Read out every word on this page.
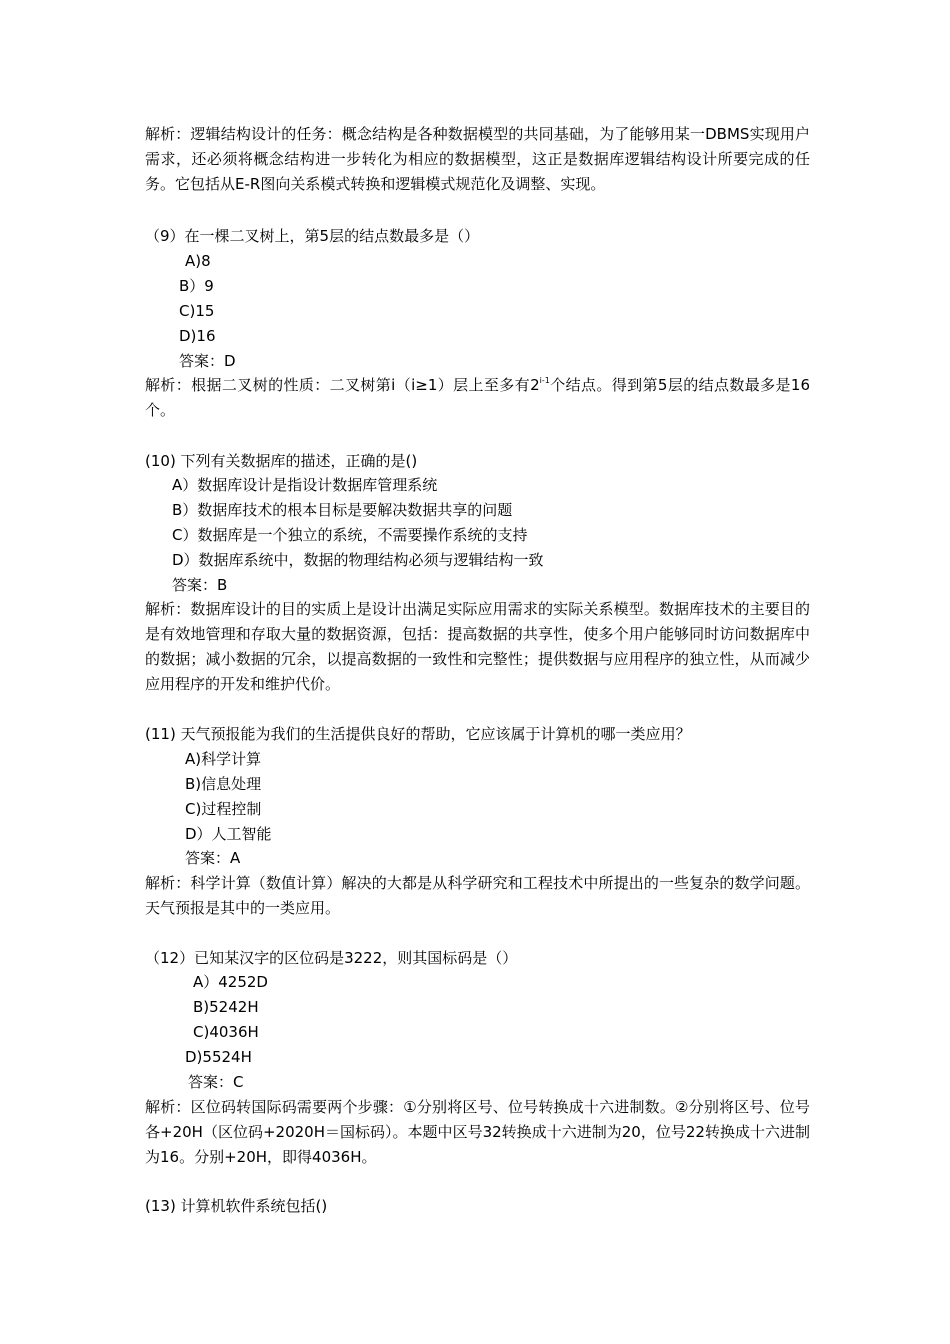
解析：逻辑结构设计的任务：概念结构是各种数据模型的共同基础，为了能够用某一DBMS实现用户需求，还必须将概念结构进一步转化为相应的数据模型，这正是数据库逻辑结构设计所要完成的任务。它包括从E-R图向关系模式转换和逻辑模式规范化及调整、实现。
（9）在一棵二叉树上，第5层的结点数最多是（）
A)8
B）9
C)15
D)16
答案：D
解析：根据二叉树的性质：二叉树第i（i≥1）层上至多有2$^{i-1}$个结点。得到第5层的结点数最多是16个。
(10) 下列有关数据库的描述，正确的是()
A）数据库设计是指设计数据库管理系统
B）数据库技术的根本目标是要解决数据共享的问题
C）数据库是一个独立的系统，不需要操作系统的支持
D）数据库系统中，数据的物理结构必须与逻辑结构一致
答案：B
解析：数据库设计的目的实质上是设计出满足实际应用需求的实际关系模型。数据库技术的主要目的是有效地管理和存取大量的数据资源，包括：提高数据的共享性，使多个用户能够同时访问数据库中的数据；减小数据的冗余，以提高数据的一致性和完整性；提供数据与应用程序的独立性，从而减少应用程序的开发和维护代价。
(11) 天气预报能为我们的生活提供良好的帮助，它应该属于计算机的哪一类应用？
A)科学计算
B)信息处理
C)过程控制
D）人工智能
答案：A
解析：科学计算（数值计算）解决的大都是从科学研究和工程技术中所提出的一些复杂的数学问题。天气预报是其中的一类应用。
（12）已知某汉字的区位码是3222，则其国标码是（）
A）4252D
B)5242H
C)4036H
D)5524H
答案：C
解析：区位码转国际码需要两个步骤：①分别将区号、位号转换成十六进制数。②分别将区号、位号各+20H（区位码+2020H＝国标码）。本题中区号32转换成十六进制为20，位号22转换成十六进制为16。分别+20H，即得4036H。
(13) 计算机软件系统包括()
